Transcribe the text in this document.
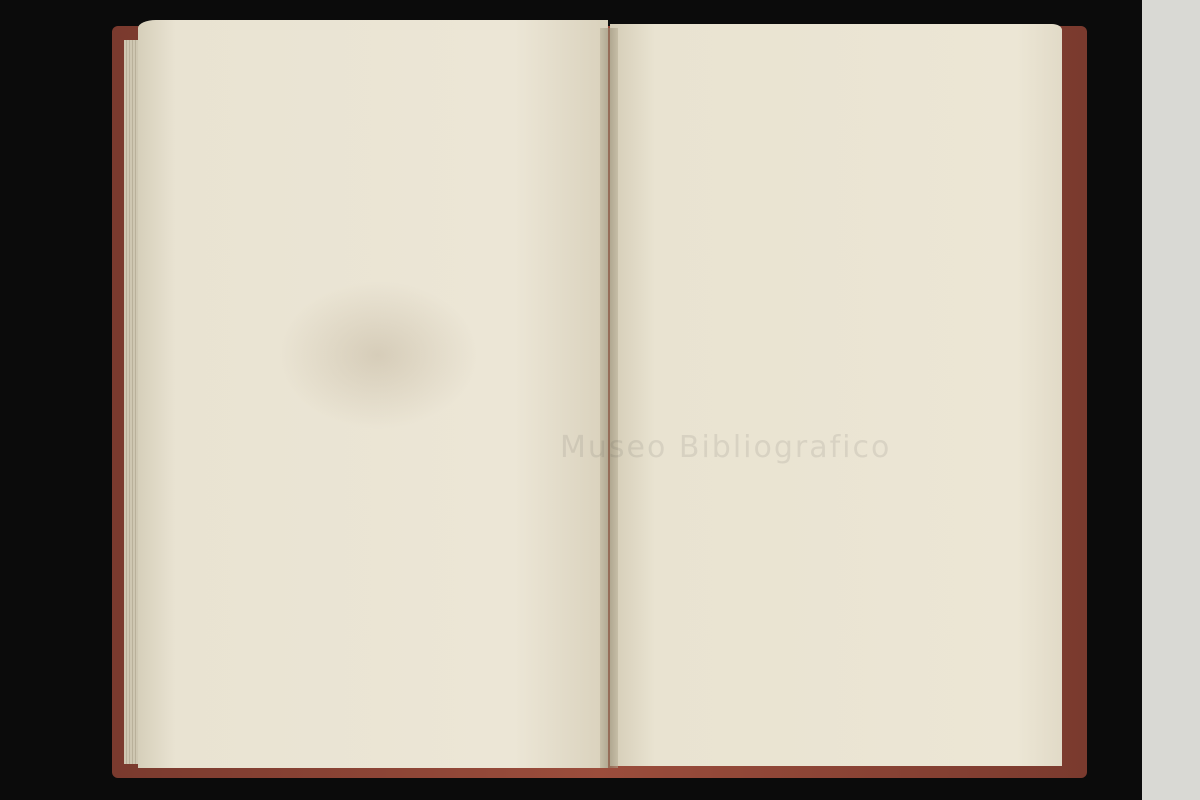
Museo Bibliografico
